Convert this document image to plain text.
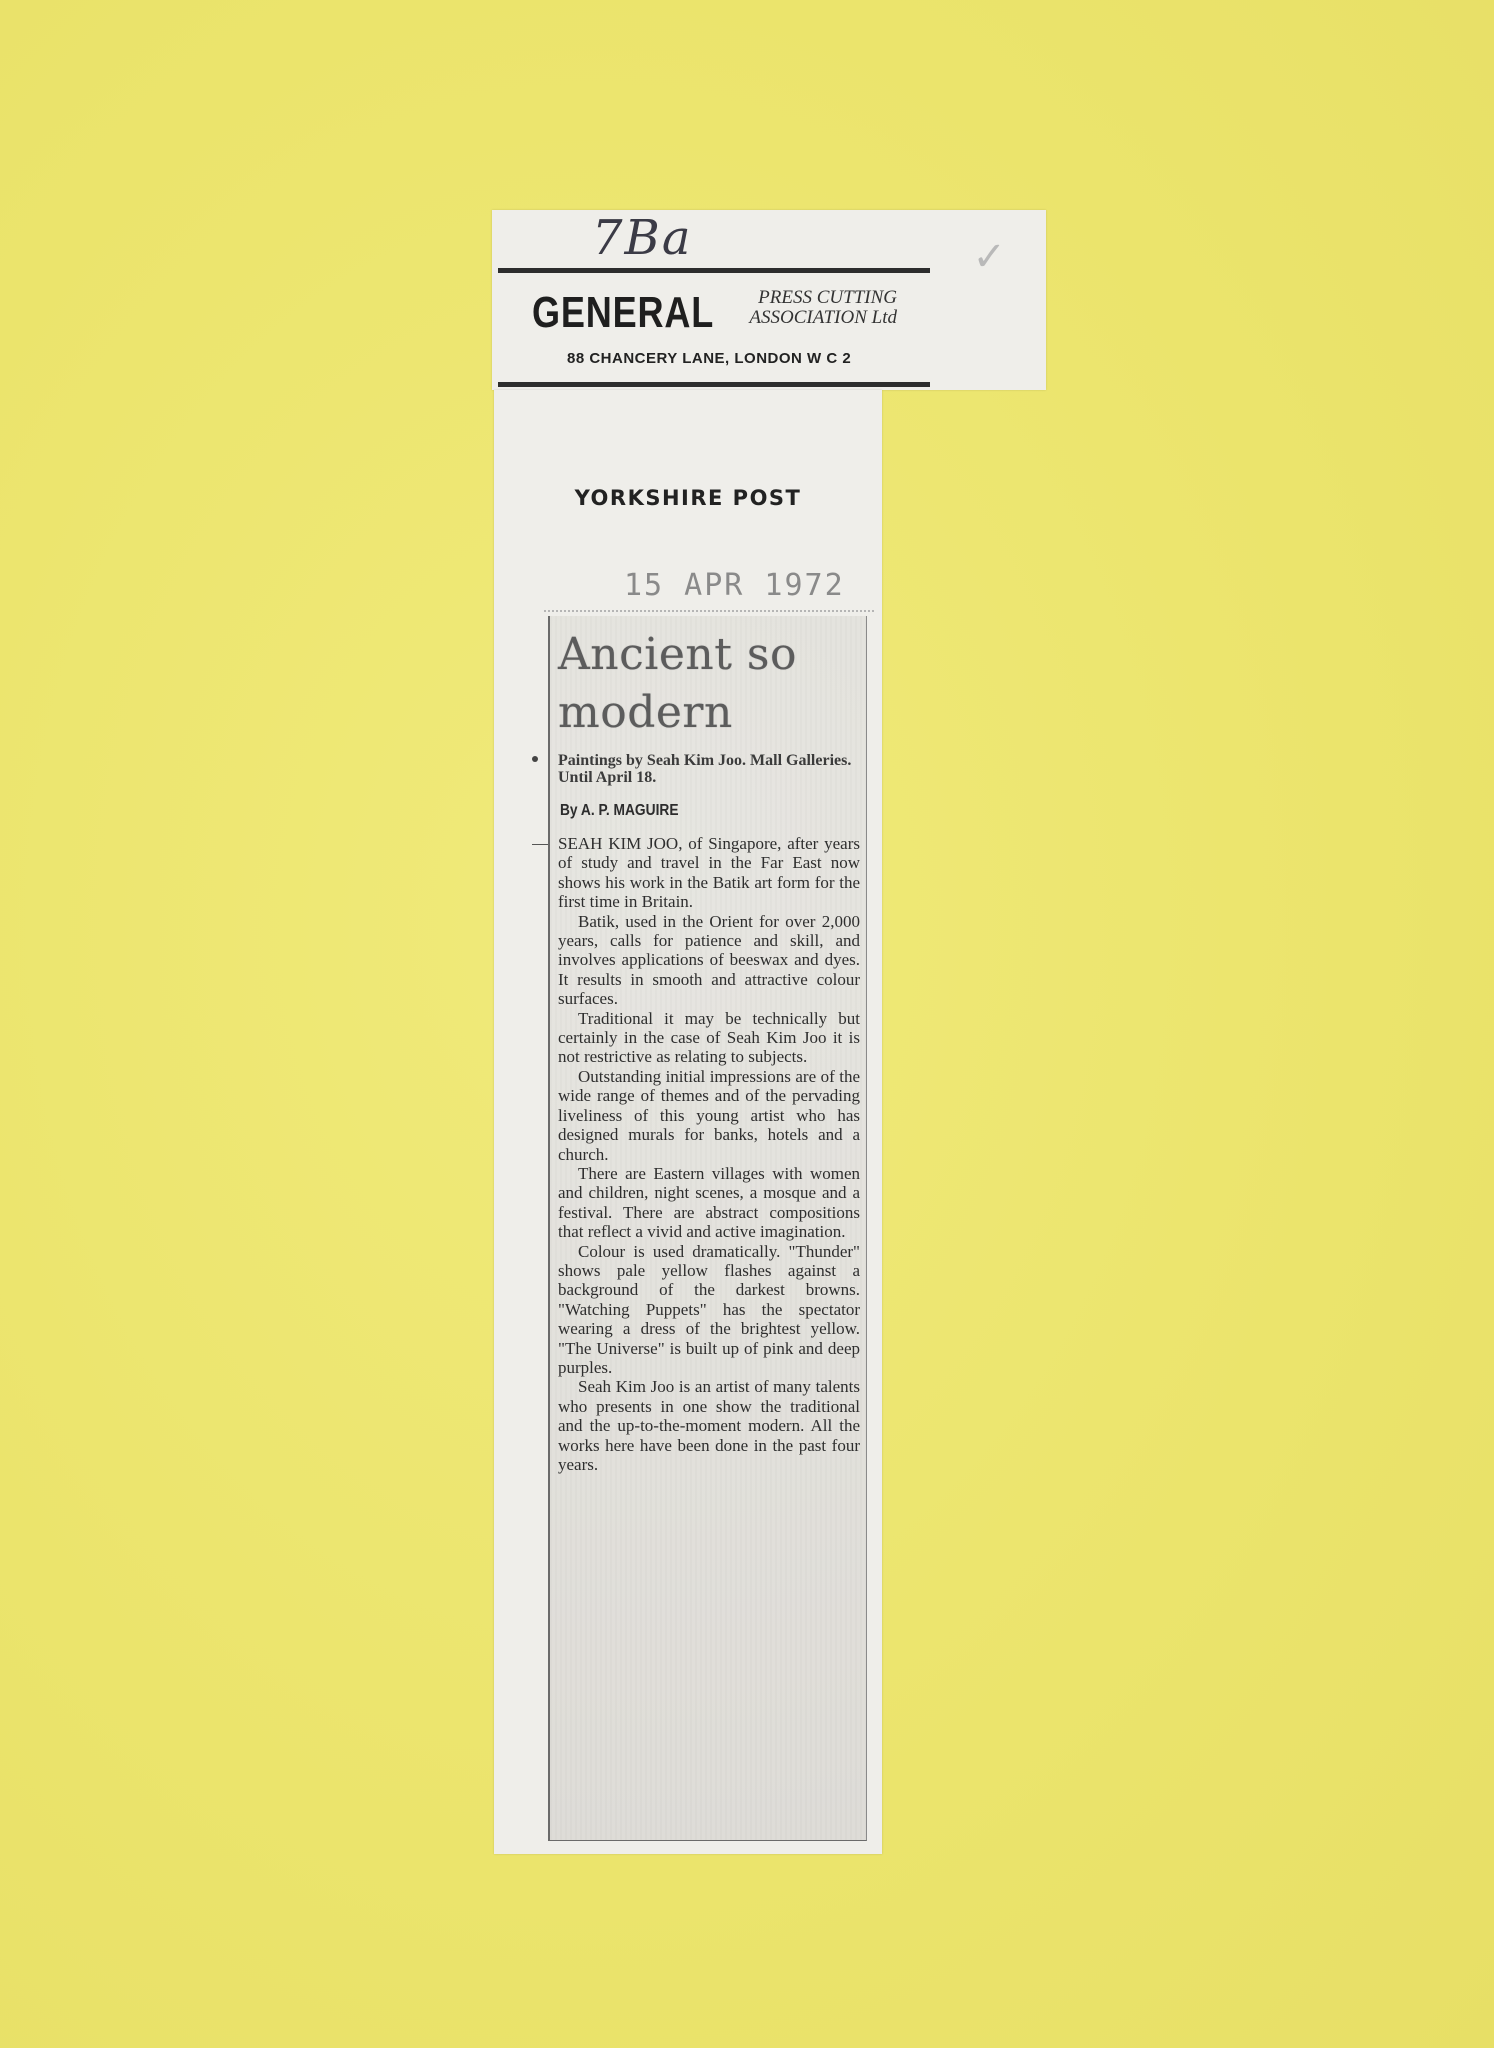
7Ba	✓
GENERAL	PRESS CUTTING
ASSOCIATION Ltd
88 CHANCERY LANE, LONDON W C 2
YORKSHIRE POST
15 APR 1972
Ancient so modern
Paintings by Seah Kim Joo. Mall Galleries. Until April 18.
By A. P. MAGUIRE

SEAH KIM JOO, of Singapore, after years of study and travel in the Far East now shows his work in the Batik art form for the first time in Britain.

Batik, used in the Orient for over 2,000 years, calls for patience and skill, and involves applications of beeswax and dyes. It results in smooth and attractive colour surfaces.

Traditional it may be technically but certainly in the case of Seah Kim Joo it is not restrictive as relating to subjects.

Outstanding initial impressions are of the wide range of themes and of the pervading liveliness of this young artist who has designed murals for banks, hotels and a church.

There are Eastern villages with women and children, night scenes, a mosque and a festival. There are abstract compositions that reflect a vivid and active imagination.

Colour is used dramatically. "Thunder" shows pale yellow flashes against a background of the darkest browns. "Watching Puppets" has the spectator wearing a dress of the brightest yellow. "The Universe" is built up of pink and deep purples.

Seah Kim Joo is an artist of many talents who presents in one show the traditional and the up-to-the-moment modern. All the works here have been done in the past four years.
